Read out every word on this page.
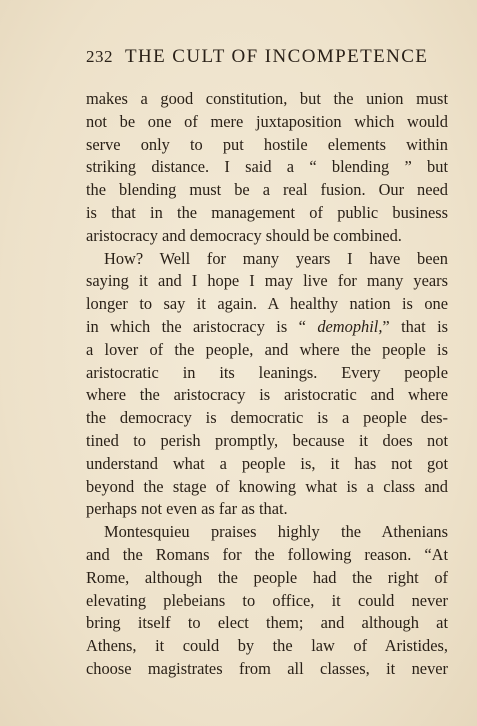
232 THE CULT OF INCOMPETENCE
makes a good constitution, but the union must
not be one of mere juxtaposition which would
serve only to put hostile elements within
striking distance. I said a “ blending ” but
the blending must be a real fusion. Our need
is that in the management of public business
aristocracy and democracy should be combined.
How? Well for many years I have been
saying it and I hope I may live for many years
longer to say it again. A healthy nation is one
in which the aristocracy is “ demophil,” that is
a lover of the people, and where the people is
aristocratic in its leanings. Every people
where the aristocracy is aristocratic and where
the democracy is democratic is a people des-
tined to perish promptly, because it does not
understand what a people is, it has not got
beyond the stage of knowing what is a class and
perhaps not even as far as that.
Montesquieu praises highly the Athenians
and the Romans for the following reason. “At
Rome, although the people had the right of
elevating plebeians to office, it could never
bring itself to elect them; and although at
Athens, it could by the law of Aristides,
choose magistrates from all classes, it never
